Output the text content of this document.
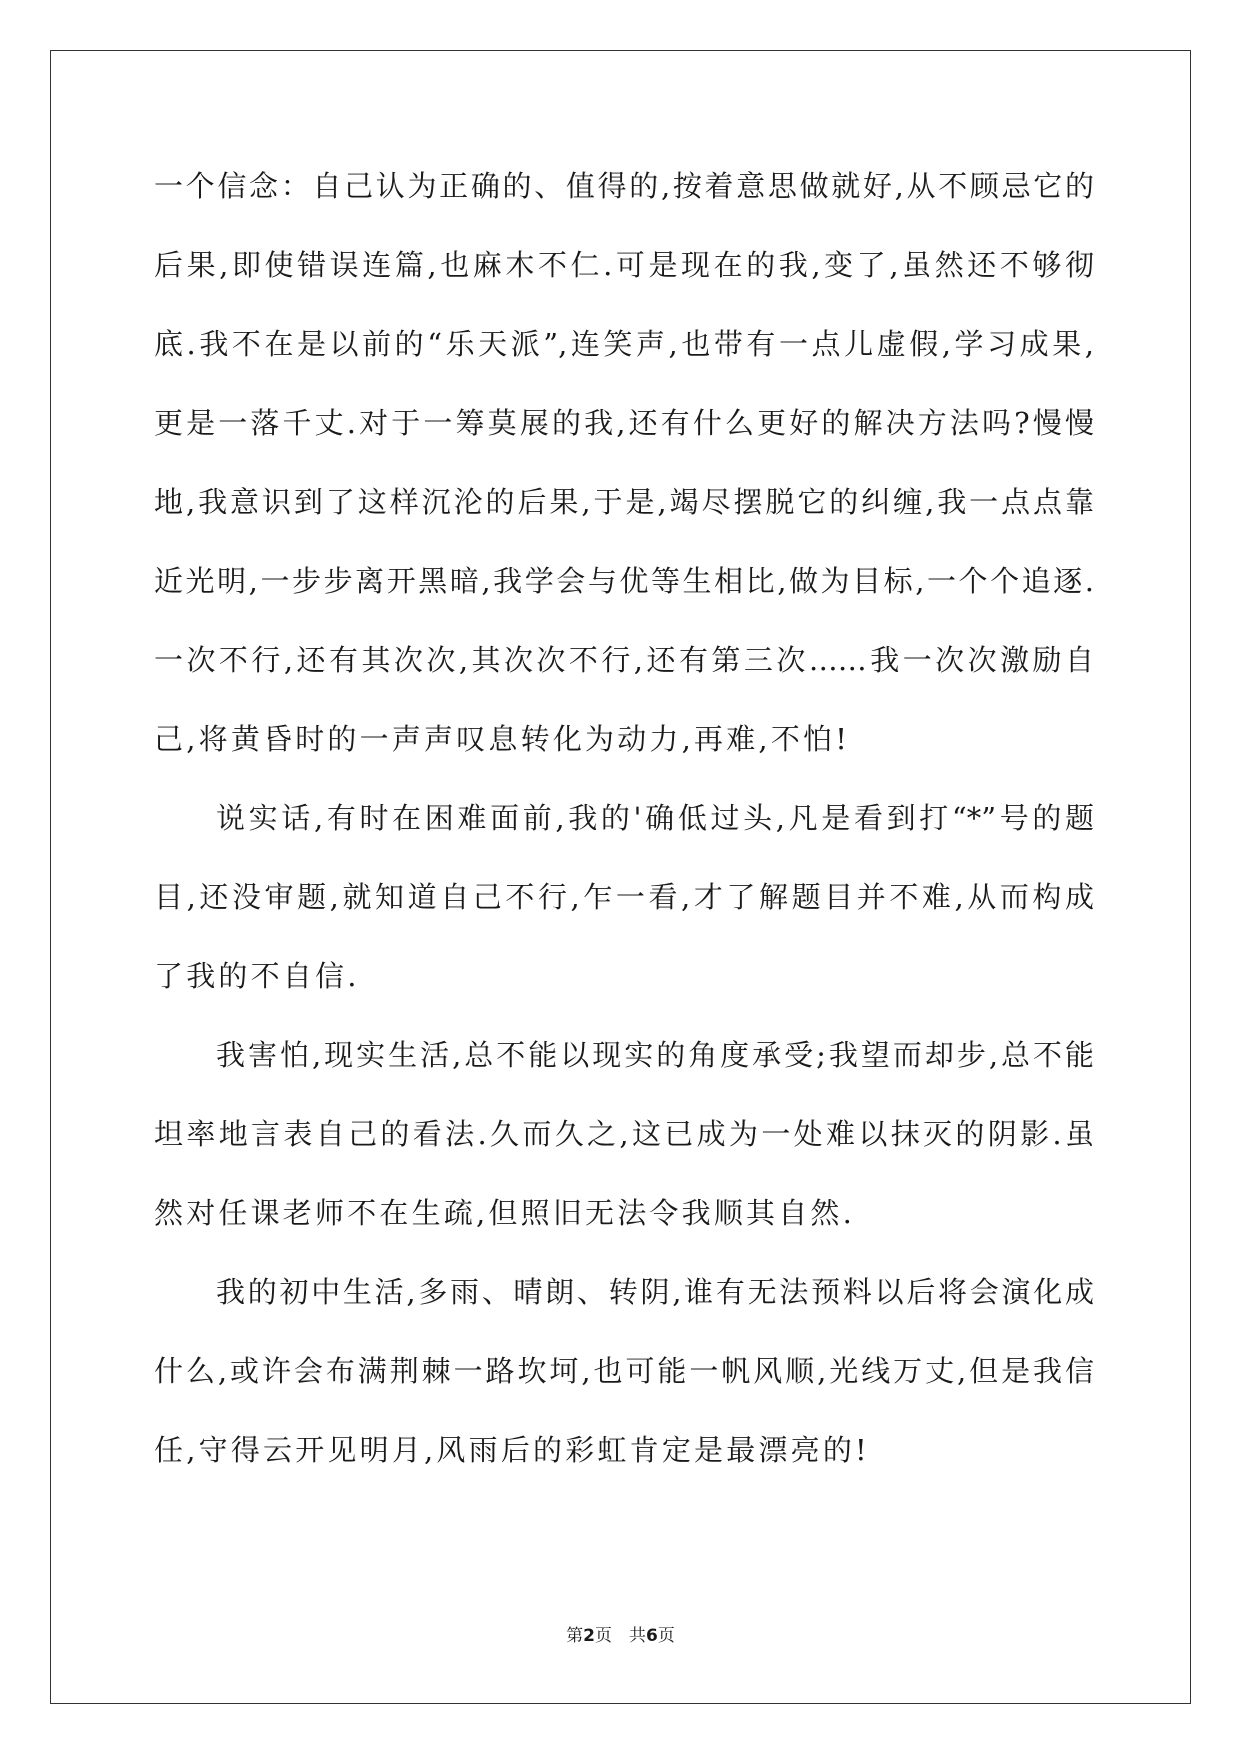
一个信念：自己认为正确的、值得的,按着意思做就好,从不顾忌它的
后果,即使错误连篇,也麻木不仁.可是现在的我,变了,虽然还不够彻
底.我不在是以前的“乐天派”,连笑声,也带有一点儿虚假,学习成果,
更是一落千丈.对于一筹莫展的我,还有什么更好的解决方法吗?慢慢
地,我意识到了这样沉沦的后果,于是,竭尽摆脱它的纠缠,我一点点靠
近光明,一步步离开黑暗,我学会与优等生相比,做为目标,一个个追逐.
一次不行,还有其次次,其次次不行,还有第三次……我一次次激励自
己,将黄昏时的一声声叹息转化为动力,再难,不怕!
说实话,有时在困难面前,我的'确低过头,凡是看到打“*”号的题
目,还没审题,就知道自己不行,乍一看,才了解题目并不难,从而构成
了我的不自信.
我害怕,现实生活,总不能以现实的角度承受;我望而却步,总不能
坦率地言表自己的看法.久而久之,这已成为一处难以抹灭的阴影.虽
然对任课老师不在生疏,但照旧无法令我顺其自然.
我的初中生活,多雨、晴朗、转阴,谁有无法预料以后将会演化成
什么,或许会布满荆棘一路坎坷,也可能一帆风顺,光线万丈,但是我信
任,守得云开见明月,风雨后的彩虹肯定是最漂亮的!
第2页　共6页
